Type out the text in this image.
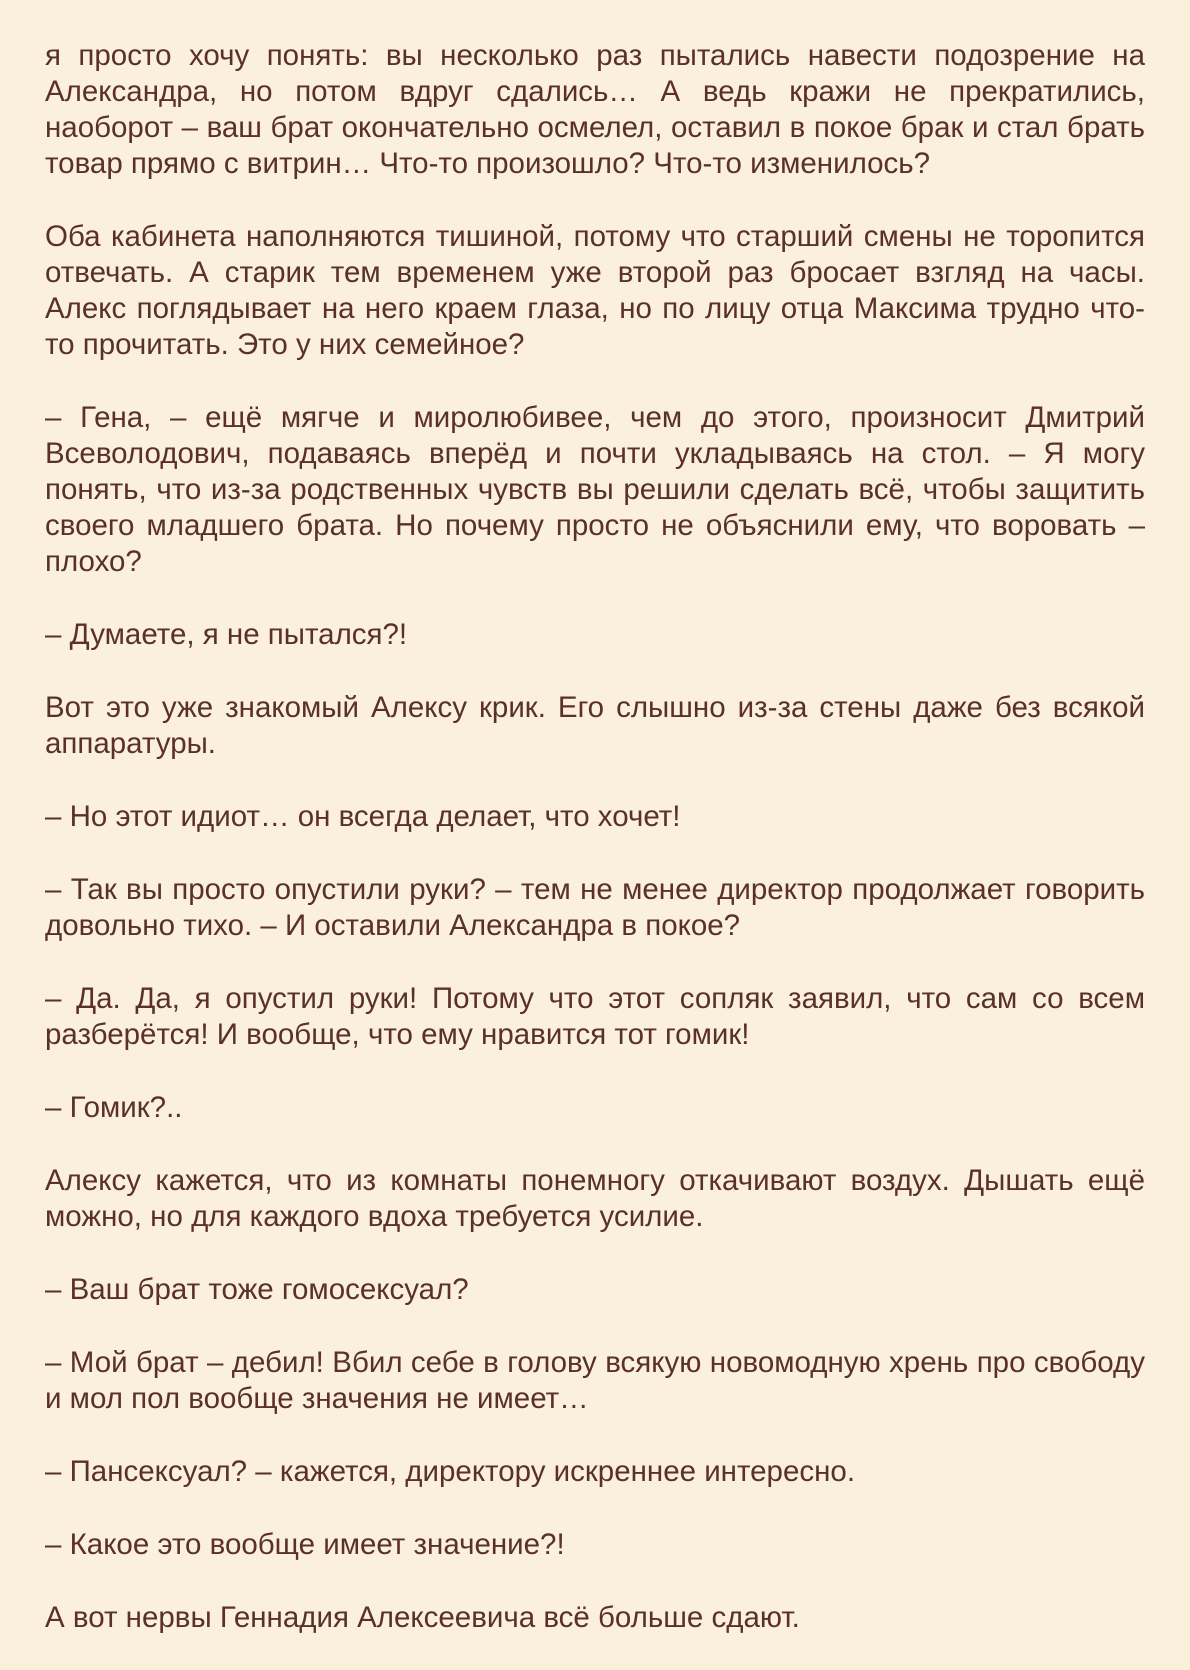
я просто хочу понять: вы несколько раз пытались навести подозрение на Александра, но потом вдруг сдались… А ведь кражи не прекратились, наоборот – ваш брат окончательно осмелел, оставил в покое брак и стал брать товар прямо с витрин… Что-то произошло? Что-то изменилось?

Оба кабинета наполняются тишиной, потому что старший смены не торопится отвечать. А старик тем временем уже второй раз бросает взгляд на часы. Алекс поглядывает на него краем глаза, но по лицу отца Максима трудно что-то прочитать. Это у них семейное?

– Гена, – ещё мягче и миролюбивее, чем до этого, произносит Дмитрий Всеволодович, подаваясь вперёд и почти укладываясь на стол. – Я могу понять, что из-за родственных чувств вы решили сделать всё, чтобы защитить своего младшего брата. Но почему просто не объяснили ему, что воровать – плохо?

– Думаете, я не пытался?!

Вот это уже знакомый Алексу крик. Его слышно из-за стены даже без всякой аппаратуры.

– Но этот идиот… он всегда делает, что хочет!

– Так вы просто опустили руки? – тем не менее директор продолжает говорить довольно тихо. – И оставили Александра в покое?

– Да. Да, я опустил руки! Потому что этот сопляк заявил, что сам со всем разберётся! И вообще, что ему нравится тот гомик!

– Гомик?..

Алексу кажется, что из комнаты понемногу откачивают воздух. Дышать ещё можно, но для каждого вдоха требуется усилие.

– Ваш брат тоже гомосексуал?

– Мой брат – дебил! Вбил себе в голову всякую новомодную хрень про свободу и мол пол вообще значения не имеет…

– Пансексуал? – кажется, директору искреннее интересно.

– Какое это вообще имеет значение?!

А вот нервы Геннадия Алексеевича всё больше сдают.
